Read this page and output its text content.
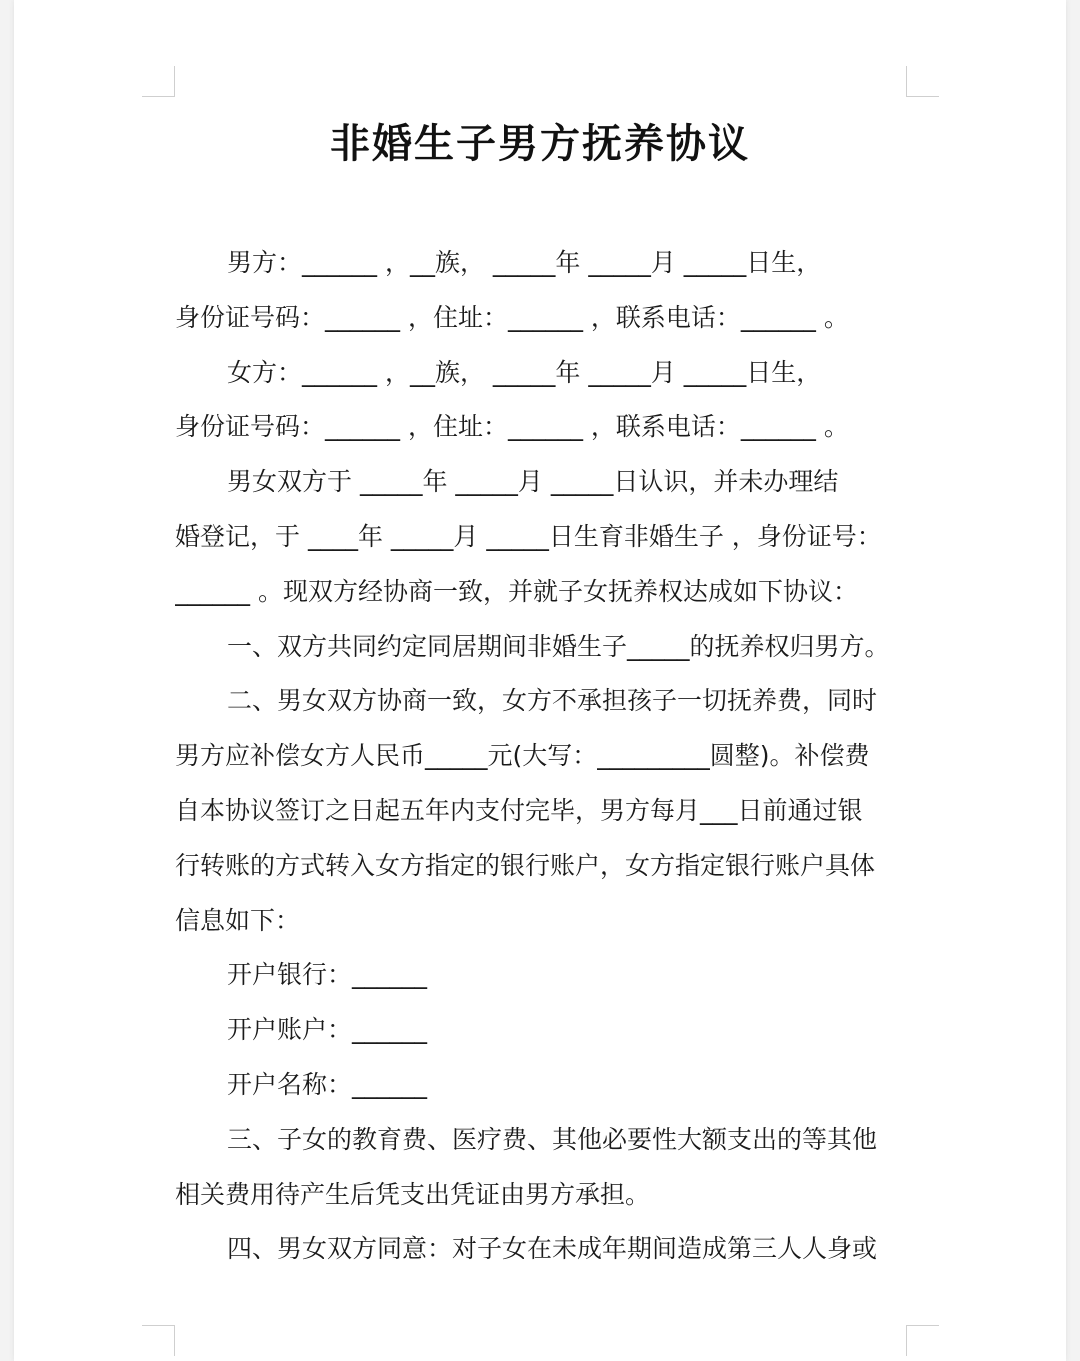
非婚生子男方抚养协议

男方：______ ，__族， _____年 _____月 _____日生，

身份证号码：______ ，住址：______ ，联系电话：______ 。

女方：______ ，__族， _____年 _____月 _____日生，

身份证号码：______ ，住址：______ ，联系电话：______ 。

男女双方于 _____年 _____月 _____日认识，并未办理结

婚登记，于 ____年 _____月 _____日生育非婚生子 ，身份证号：

______ 。现双方经协商一致，并就子女抚养权达成如下协议：

一、双方共同约定同居期间非婚生子_____的抚养权归男方。

二、男女双方协商一致，女方不承担孩子一切抚养费，同时

男方应补偿女方人民币_____元(大写：_________圆整)。补偿费

自本协议签订之日起五年内支付完毕，男方每月___日前通过银

行转账的方式转入女方指定的银行账户，女方指定银行账户具体

信息如下：

开户银行：______

开户账户：______

开户名称：______

三、子女的教育费、医疗费、其他必要性大额支出的等其他

相关费用待产生后凭支出凭证由男方承担。

四、男女双方同意：对子女在未成年期间造成第三人人身或
